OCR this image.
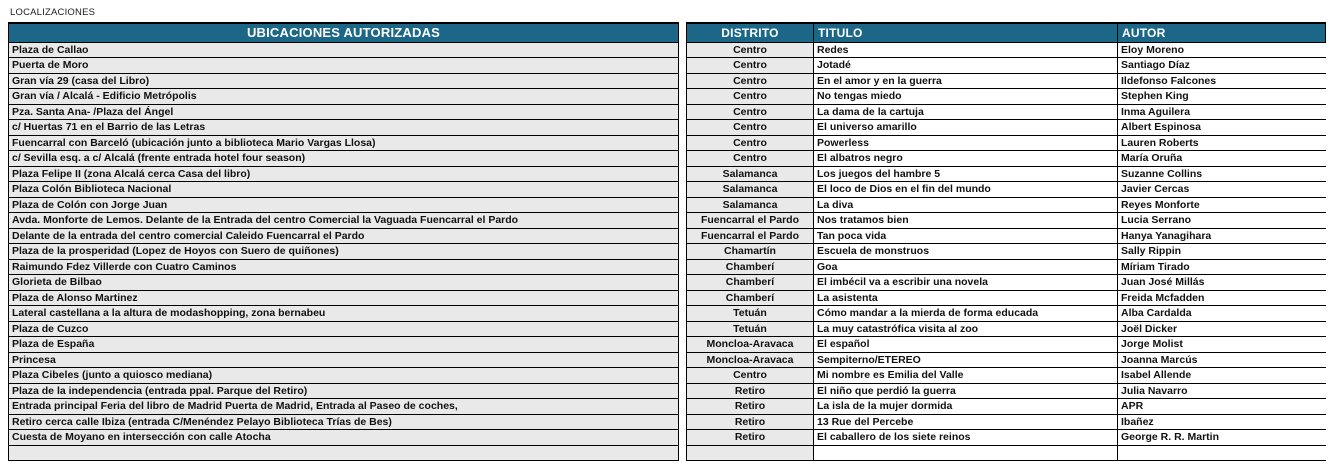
LOCALIZACIONES
UBICACIONES AUTORIZADAS		DISTRITO	TITULO	AUTOR
Plaza de Callao		Centro	Redes	Eloy Moreno
Puerta de Moro		Centro	Jotadé	Santiago Díaz
Gran vía 29 (casa del Libro)		Centro	En el amor y en la guerra	Ildefonso Falcones
Gran vía / Alcalá - Edificio Metrópolis		Centro	No tengas miedo	Stephen King
Pza. Santa Ana- /Plaza del Ángel		Centro	La dama de la cartuja	Inma Aguilera
c/ Huertas 71 en el Barrio de las Letras		Centro	El universo amarillo	Albert Espinosa
Fuencarral con Barceló (ubicación junto a biblioteca Mario Vargas Llosa)		Centro	Powerless	Lauren Roberts
c/ Sevilla esq. a c/ Alcalá (frente entrada hotel four season)		Centro	El albatros negro	María Oruña
Plaza Felipe II (zona Alcalá cerca Casa del libro)		Salamanca	Los juegos del hambre 5	Suzanne Collins
Plaza Colón Biblioteca Nacional		Salamanca	El loco de Dios en el fin del mundo	Javier Cercas
Plaza de Colón con Jorge Juan		Salamanca	La diva	Reyes Monforte
Avda. Monforte de Lemos. Delante de la Entrada del centro Comercial la Vaguada Fuencarral el Pardo		Fuencarral el Pardo	Nos tratamos bien	Lucia Serrano
Delante de la entrada del centro comercial Caleido Fuencarral el Pardo		Fuencarral el Pardo	Tan poca vida	Hanya Yanagihara
Plaza de la prosperidad (Lopez de Hoyos con Suero de quiñones)		Chamartín	Escuela de monstruos	Sally Rippin
Raimundo Fdez Villerde con Cuatro Caminos		Chamberí	Goa	Míriam Tirado
Glorieta de Bilbao		Chamberí	El imbécil va a escribir una novela	Juan José Millás
Plaza de Alonso Martinez		Chamberí	La asistenta	Freida Mcfadden
Lateral castellana a la altura de modashopping, zona bernabeu		Tetuán	Cómo mandar a la mierda de forma educada	Alba Cardalda
Plaza de Cuzco		Tetuán	La muy catastrófica visita al zoo	Joël Dicker
Plaza de España		Moncloa-Aravaca	El español	Jorge Molist
Princesa		Moncloa-Aravaca	Sempiterno/ETEREO	Joanna Marcús
Plaza Cibeles (junto a quiosco mediana)		Centro	Mi nombre es Emilia del Valle	Isabel Allende
Plaza de la independencia (entrada ppal. Parque del Retiro)		Retiro	El niño que perdió la guerra	Julia Navarro
Entrada principal Feria del libro de Madrid Puerta de Madrid, Entrada al Paseo de coches,		Retiro	La isla de la mujer dormida	APR
Retiro cerca calle Ibiza (entrada C/Menéndez Pelayo Biblioteca Trías de Bes)		Retiro	13 Rue del Percebe	Ibañez
Cuesta de Moyano en intersección con calle Atocha		Retiro	El caballero de los siete reinos	George R. R. Martin
